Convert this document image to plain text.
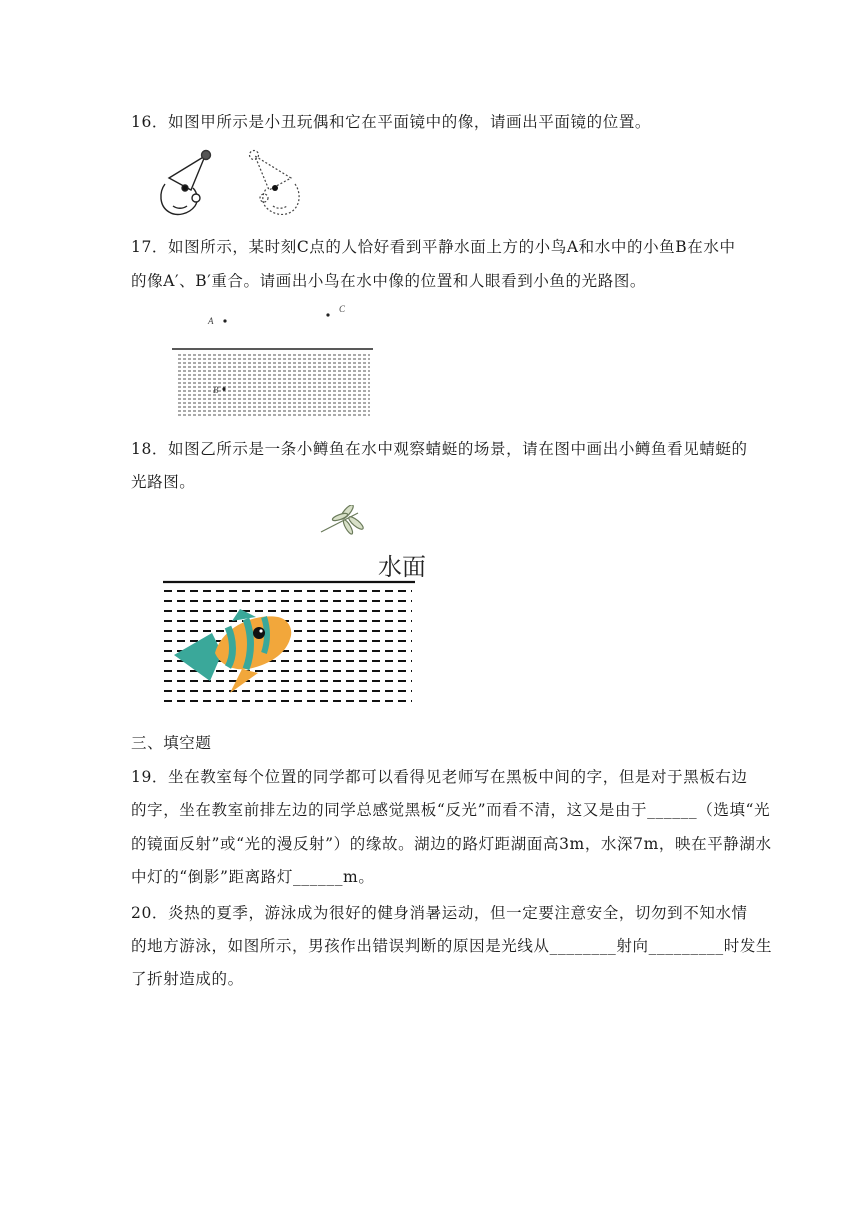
16．如图甲所示是小丑玩偶和它在平面镜中的像，请画出平面镜的位置。
17．如图所示，某时刻C点的人恰好看到平静水面上方的小鸟A和水中的小鱼B在水中
的像A′、B′重合。请画出小鸟在水中像的位置和人眼看到小鱼的光路图。
A
C
B
18．如图乙所示是一条小鳟鱼在水中观察蜻蜓的场景，请在图中画出小鳟鱼看见蜻蜓的
光路图。
水面
三、填空题
19．坐在教室每个位置的同学都可以看得见老师写在黑板中间的字，但是对于黑板右边
的字，坐在教室前排左边的同学总感觉黑板“反光”而看不清，这又是由于______（选填“光
的镜面反射”或“光的漫反射”）的缘故。湖边的路灯距湖面高3m，水深7m，映在平静湖水
中灯的“倒影”距离路灯______m。
20．炎热的夏季，游泳成为很好的健身消暑运动，但一定要注意安全，切勿到不知水情
的地方游泳，如图所示，男孩作出错误判断的原因是光线从________射向_________时发生
了折射造成的。
